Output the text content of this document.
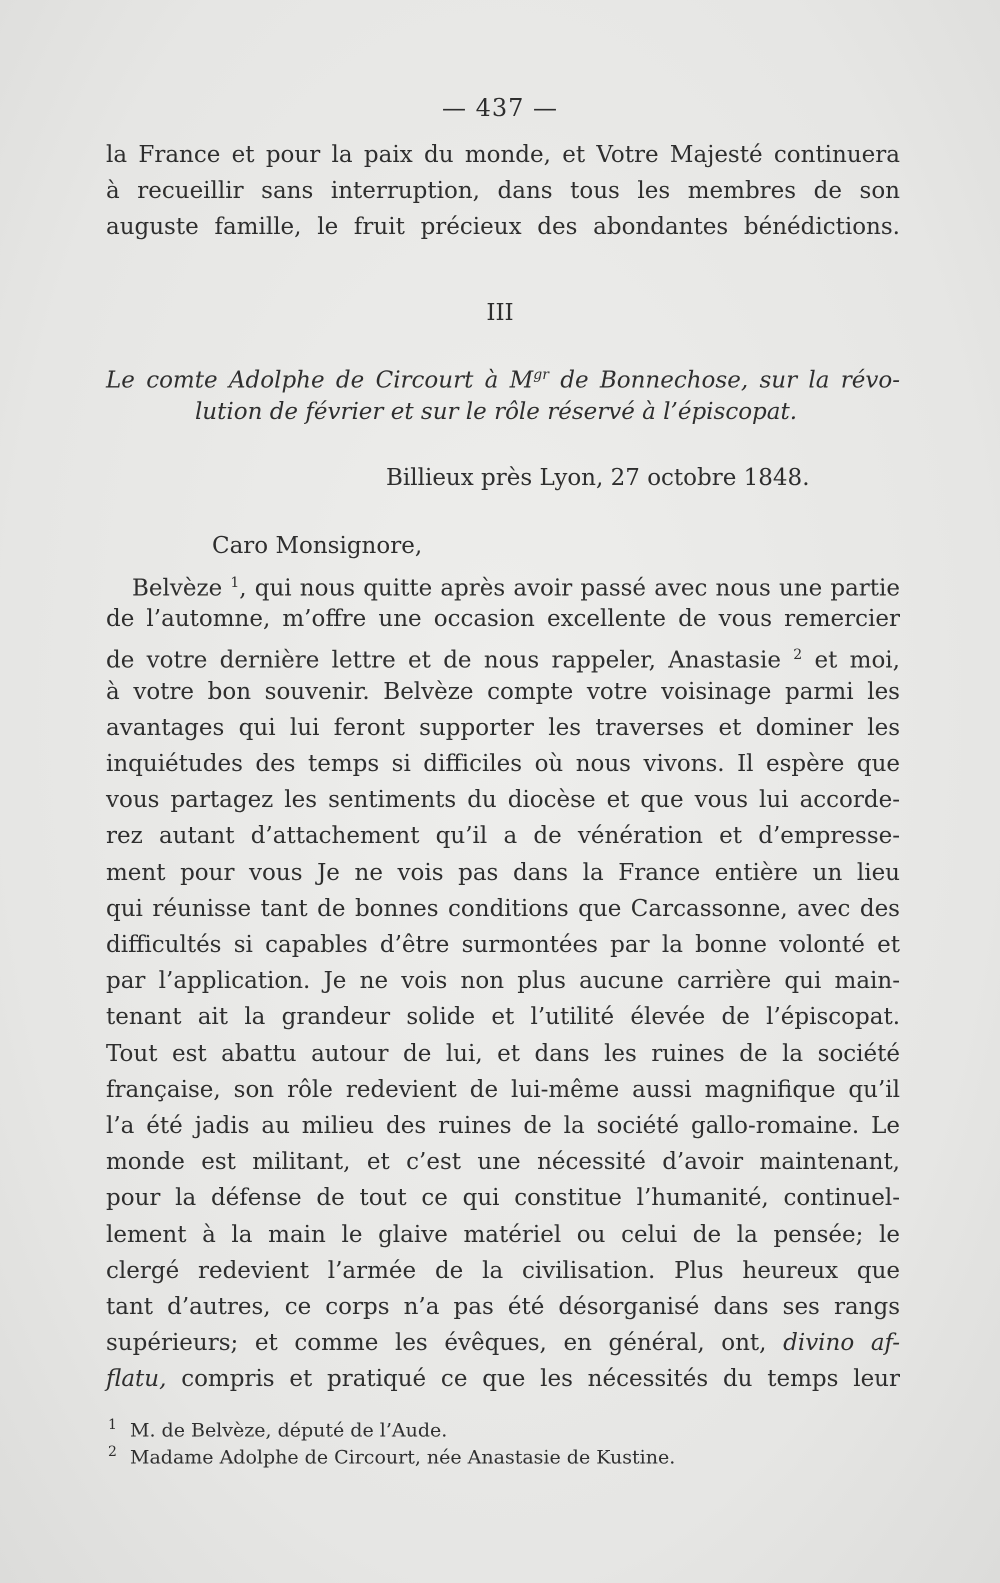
— 437 —
la France et pour la paix du monde, et Votre Majesté continuera
à recueillir sans interruption, dans tous les membres de son
auguste famille, le fruit précieux des abondantes bénédictions.
III
Le comte Adolphe de Circourt à $M^{gr}$ de Bonnechose, sur la révo-
lution de février et sur le rôle réservé à l’épiscopat.
Billieux près Lyon, 27 octobre 1848.
Caro Monsignore,
Belvèze $^1$, qui nous quitte après avoir passé avec nous une partie
de l’automne, m’offre une occasion excellente de vous remercier
de votre dernière lettre et de nous rappeler, Anastasie $^2$ et moi,
à votre bon souvenir. Belvèze compte votre voisinage parmi les
avantages qui lui feront supporter les traverses et dominer les
inquiétudes des temps si difficiles où nous vivons. Il espère que
vous partagez les sentiments du diocèse et que vous lui accorde-
rez autant d’attachement qu’il a de vénération et d’empresse-
ment pour vous Je ne vois pas dans la France entière un lieu
qui réunisse tant de bonnes conditions que Carcassonne, avec des
difficultés si capables d’être surmontées par la bonne volonté et
par l’application. Je ne vois non plus aucune carrière qui main-
tenant ait la grandeur solide et l’utilité élevée de l’épiscopat.
Tout est abattu autour de lui, et dans les ruines de la société
française, son rôle redevient de lui-même aussi magnifique qu’il
l’a été jadis au milieu des ruines de la société gallo-romaine. Le
monde est militant, et c’est une nécessité d’avoir maintenant,
pour la défense de tout ce qui constitue l’humanité, continuel-
lement à la main le glaive matériel ou celui de la pensée; le
clergé redevient l’armée de la civilisation. Plus heureux que
tant d’autres, ce corps n’a pas été désorganisé dans ses rangs
supérieurs; et comme les évêques, en général, ont, divino af-
flatu, compris et pratiqué ce que les nécessités du temps leur
1 M. de Belvèze, député de l’Aude.
2 Madame Adolphe de Circourt, née Anastasie de Kustine.
